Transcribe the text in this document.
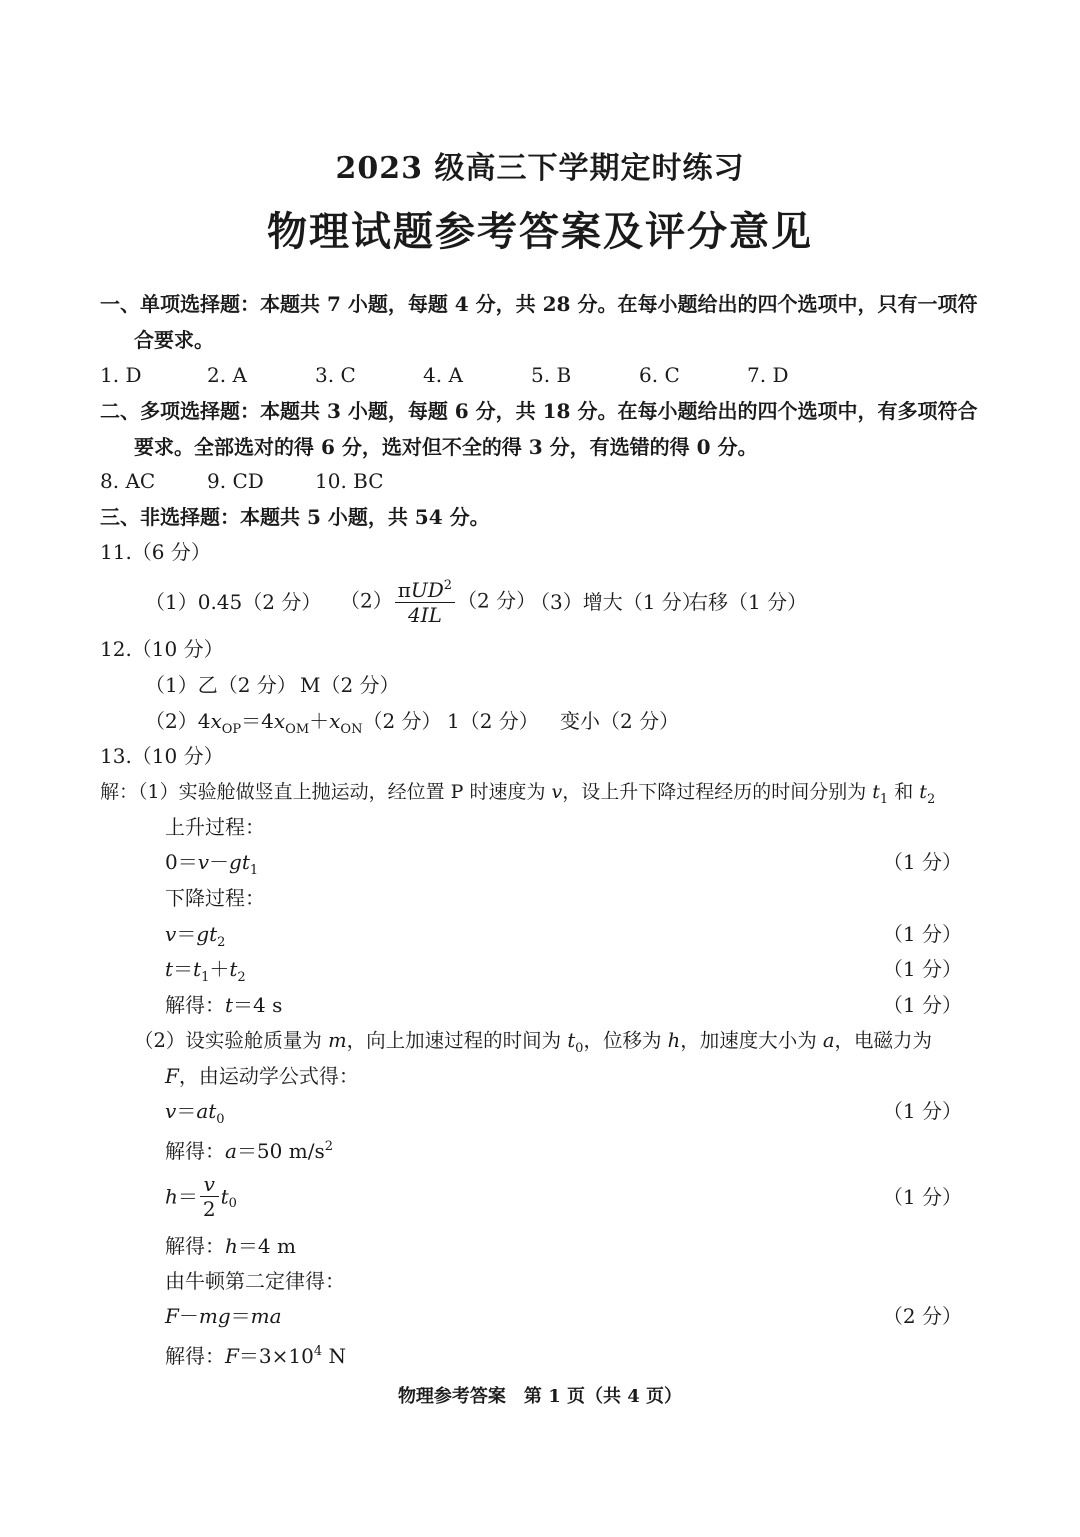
2023 级高三下学期定时练习
物理试题参考答案及评分意见
一、单项选择题：本题共 7 小题，每题 4 分，共 28 分。在每小题给出的四个选项中，只有一项符
合要求。
1. D	2. A	3. C	4. A	5. B	6. C	7. D
二、多项选择题：本题共 3 小题，每题 6 分，共 18 分。在每小题给出的四个选项中，有多项符合
要求。全部选对的得 6 分，选对但不全的得 3 分，有选错的得 0 分。
8. AC	9. CD	10. BC
三、非选择题：本题共 5 小题，共 54 分。
11.（6 分）
（1）0.45（2 分） $(2) \frac{\pi UD^2}{4IL} (2$ 分）
（3）增大（1 分）
右移（1 分）
12.（10 分）
（1）乙（2 分） M（2 分）
$(2)4x_{OP}=4x_{OM}+x_{ON}(2$ 分） 1（2 分） 变小（2 分）
13.（10 分）
解：（1）实验舱做竖直上抛运动，经位置 P 时速度为 v，设上升下降过程经历的时间分别为 $t_1$ 和 $t_2$
上升过程：
$0=v-gt_1$	（1 分）
下降过程：
$v=gt_2$	（1 分）
$t=t_1+t_2$	（1 分）
解得：t＝4 s	（1 分）
（2）设实验舱质量为 m，向上加速过程的时间为 $t_0$，位移为 h，加速度大小为 a，电磁力为
F，由运动学公式得：
$v=at_0$	（1 分）
解得：a＝50 $m/s^2$
$h= \frac{v}{2} t_0$	（1 分）
解得：h＝4 m
由牛顿第二定律得：
F－mg＝ma	（2 分）
解得：$F=3\times 10^4$ N
物理参考答案　第 1 页（共 4 页）
